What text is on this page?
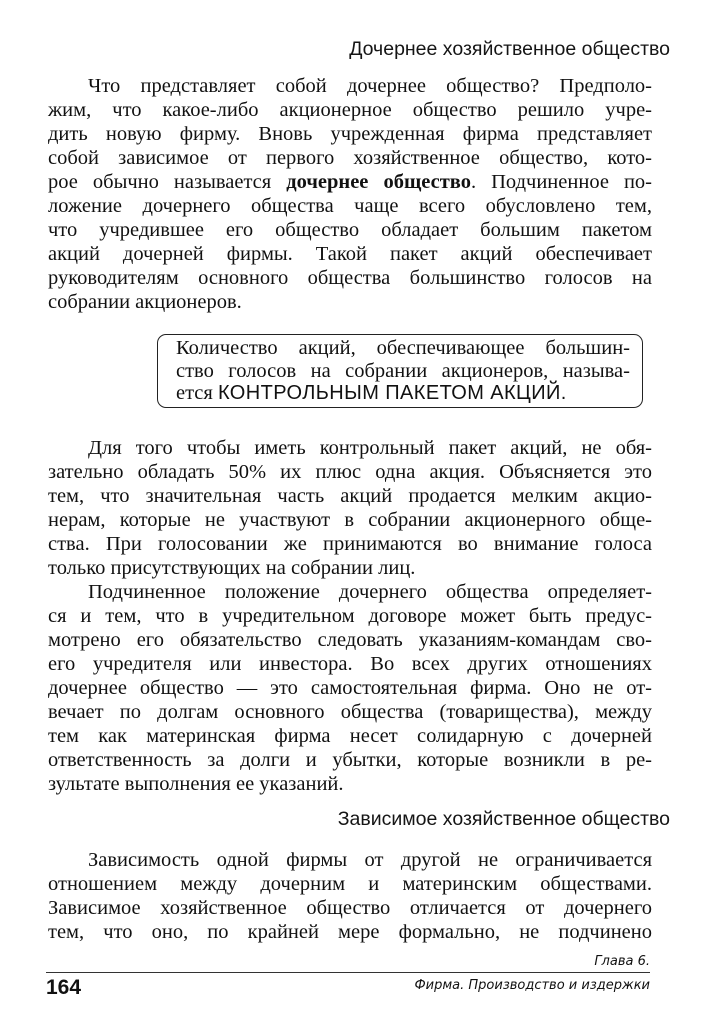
Дочернее хозяйственное общество
Что представляет собой дочернее общество? Предполо-
жим, что какое-либо акционерное общество решило учре-
дить новую фирму. Вновь учрежденная фирма представляет
собой зависимое от первого хозяйственное общество, кото-
рое обычно называется дочернее общество. Подчиненное по-
ложение дочернего общества чаще всего обусловлено тем,
что учредившее его общество обладает большим пакетом
акций дочерней фирмы. Такой пакет акций обеспечивает
руководителям основного общества большинство голосов на
собрании акционеров.
Количество акций, обеспечивающее большин-
ство голосов на собрании акционеров, называ-
ется КОНТРОЛЬНЫМ ПАКЕТОМ АКЦИЙ.
Для того чтобы иметь контрольный пакет акций, не обя-
зательно обладать 50% их плюс одна акция. Объясняется это
тем, что значительная часть акций продается мелким акцио-
нерам, которые не участвуют в собрании акционерного обще-
ства. При голосовании же принимаются во внимание голоса
только присутствующих на собрании лиц.
Подчиненное положение дочернего общества определяет-
ся и тем, что в учредительном договоре может быть предус-
мотрено его обязательство следовать указаниям-командам сво-
его учредителя или инвестора. Во всех других отношениях
дочернее общество — это самостоятельная фирма. Оно не от-
вечает по долгам основного общества (товарищества), между
тем как материнская фирма несет солидарную с дочерней
ответственность за долги и убытки, которые возникли в ре-
зультате выполнения ее указаний.
Зависимое хозяйственное общество
Зависимость одной фирмы от другой не ограничивается
отношением между дочерним и материнским обществами.
Зависимое хозяйственное общество отличается от дочернего
тем, что оно, по крайней мере формально, не подчинено
Глава 6.
164	Фирма. Производство и издержки
